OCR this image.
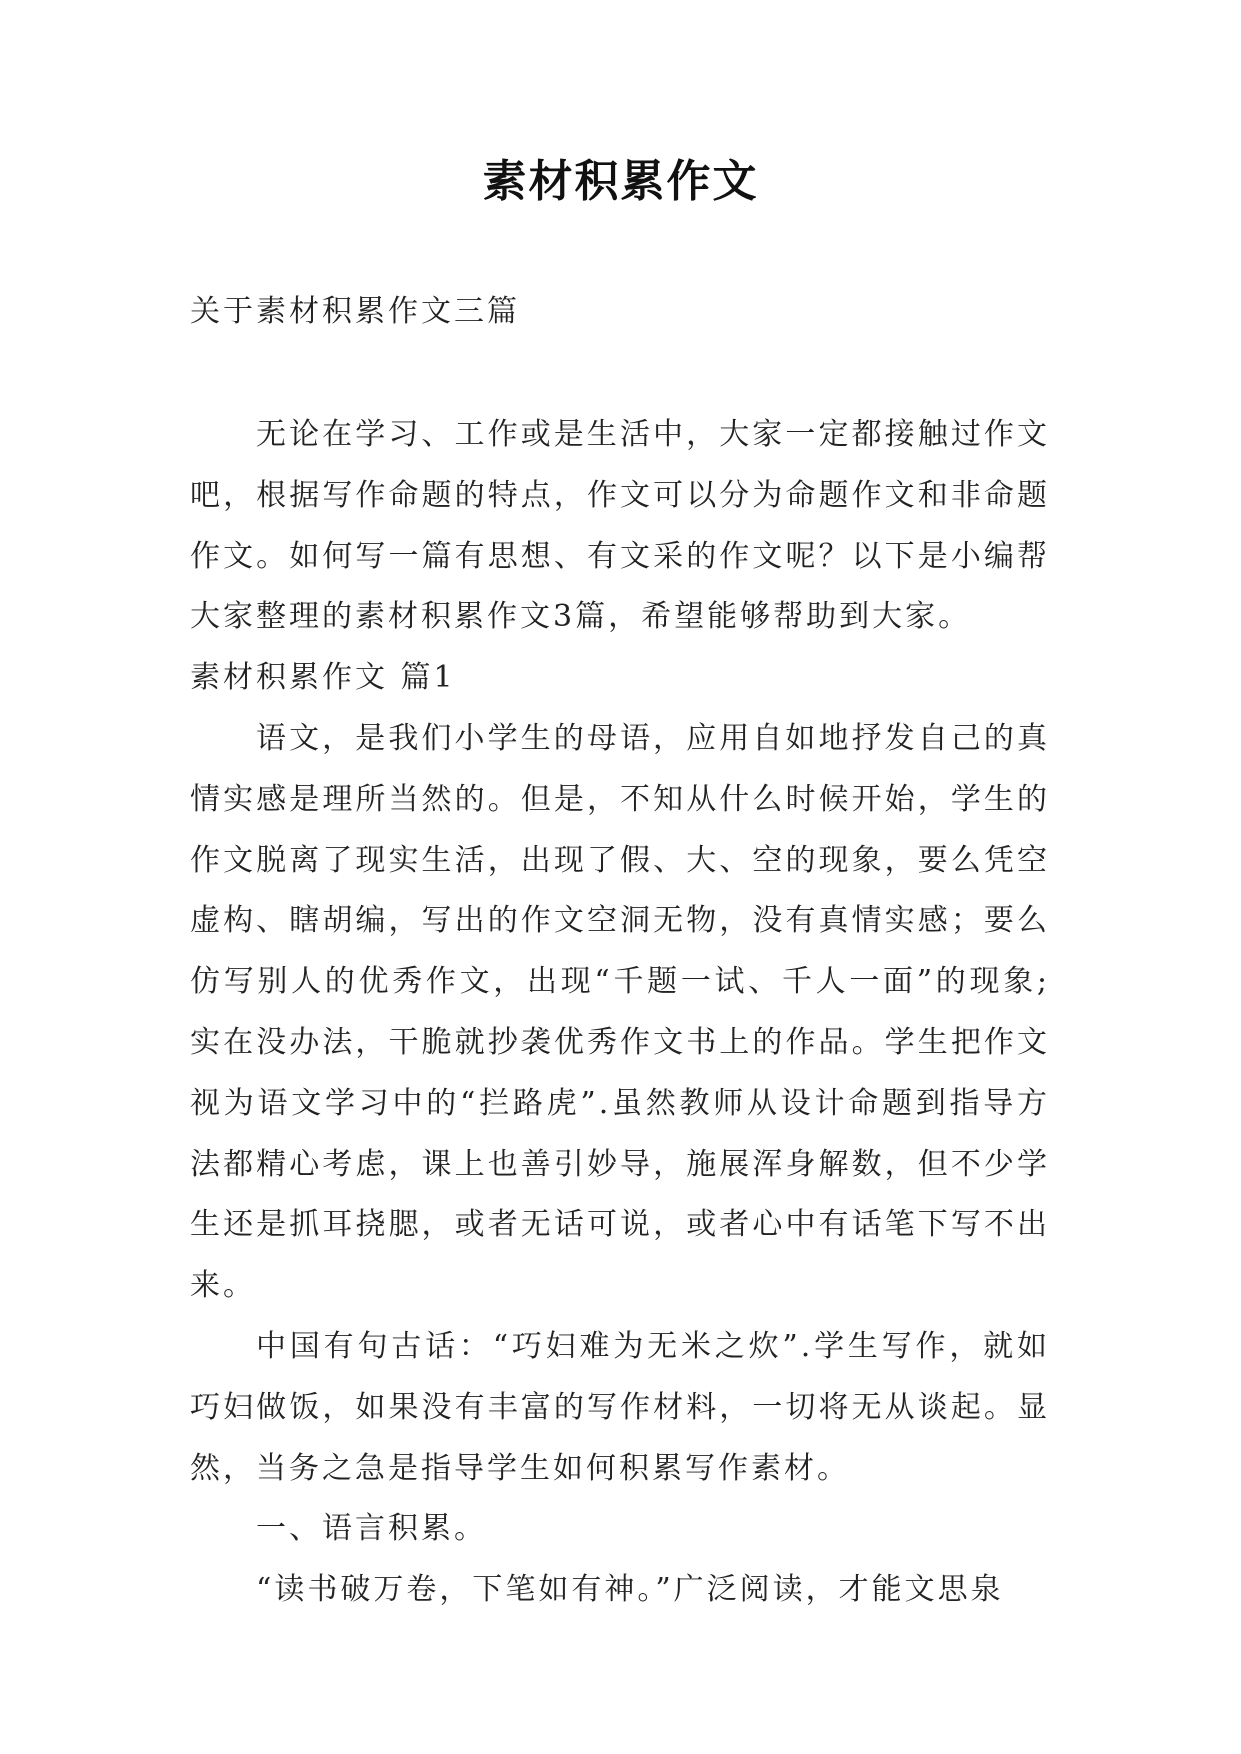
素材积累作文
关于素材积累作文三篇

无论在学习、工作或是生活中，大家一定都接触过作文吧，根据写作命题的特点，作文可以分为命题作文和非命题作文。如何写一篇有思想、有文采的作文呢？以下是小编帮大家整理的素材积累作文3篇，希望能够帮助到大家。

素材积累作文 篇1

语文，是我们小学生的母语，应用自如地抒发自己的真情实感是理所当然的。但是，不知从什么时候开始，学生的作文脱离了现实生活，出现了假、大、空的现象，要么凭空虚构、瞎胡编，写出的作文空洞无物，没有真情实感；要么仿写别人的优秀作文，出现“千题一试、千人一面”的现象;实在没办法，干脆就抄袭优秀作文书上的作品。学生把作文视为语文学习中的“拦路虎”.虽然教师从设计命题到指导方法都精心考虑，课上也善引妙导，施展浑身解数，但不少学生还是抓耳挠腮，或者无话可说，或者心中有话笔下写不出来。

中国有句古话：“巧妇难为无米之炊”.学生写作，就如巧妇做饭，如果没有丰富的写作材料，一切将无从谈起。显然，当务之急是指导学生如何积累写作素材。

一、语言积累。

“读书破万卷，下笔如有神。”广泛阅读，才能文思泉
